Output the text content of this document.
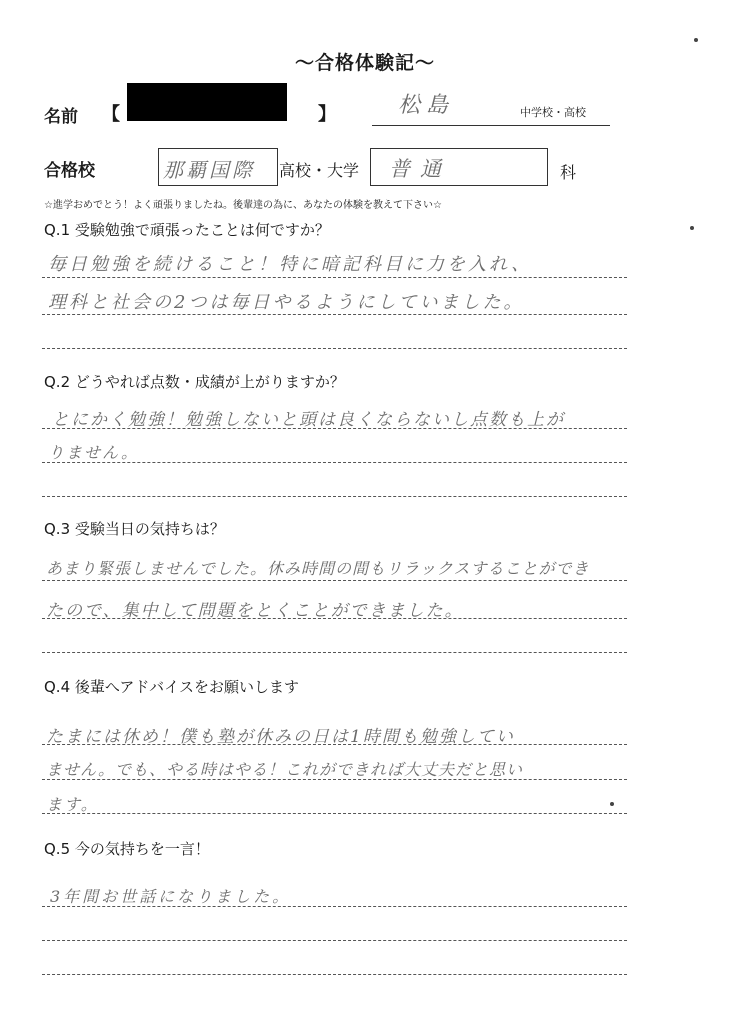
～合格体験記～
名前 【	】	松島	中学校・高校
合格校	那覇国際 高校・大学 普通	科
☆進学おめでとう！よく頑張りましたね。後輩達の為に、あなたの体験を教えて下さい☆
Q.1 受験勉強で頑張ったことは何ですか？
毎日勉強を続けること！特に暗記科目に力を入れ、
理科と社会の2つは毎日やるようにしていました。
Q.2 どうやれば点数・成績が上がりますか？
とにかく勉強！勉強しないと頭は良くならないし点数も上が
りません。
Q.3 受験当日の気持ちは？
あまり緊張しませんでした。休み時間の間もリラックスすることができ
たので、集中して問題をとくことができました。
Q.4 後輩へアドバイスをお願いします
たまには休め！僕も塾が休みの日は1時間も勉強してい
ません。でも、やる時はやる！これができれば大丈夫だと思い
ます。
Q.5 今の気持ちを一言！
3年間お世話になりました。
